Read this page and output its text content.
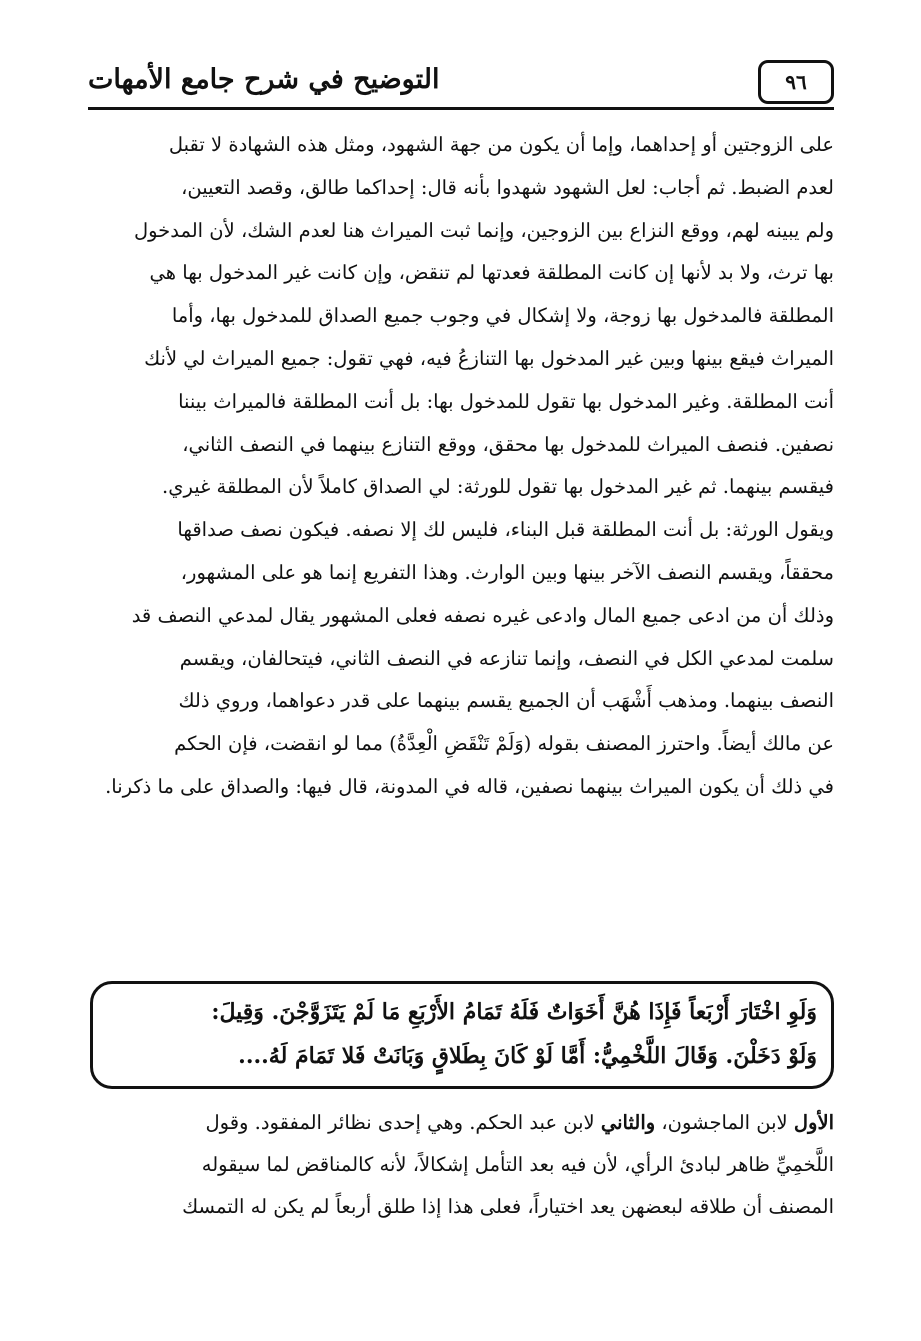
التوضيح في شرح جامع الأمهات	٩٦
على الزوجتين أو إحداهما، وإما أن يكون من جهة الشهود، ومثل هذه الشهادة لا تقبل
لعدم الضبط. ثم أجاب: لعل الشهود شهدوا بأنه قال: إحداكما طالق، وقصد التعيين،
ولم يبينه لهم، ووقع النزاع بين الزوجين، وإنما ثبت الميراث هنا لعدم الشك، لأن المدخول
بها ترث، ولا بد لأنها إن كانت المطلقة فعدتها لم تنقض، وإن كانت غير المدخول بها هي
المطلقة فالمدخول بها زوجة، ولا إشكال في وجوب جميع الصداق للمدخول بها، وأما
الميراث فيقع بينها وبين غير المدخول بها التنازعُ فيه، فهي تقول: جميع الميراث لي لأنك
أنت المطلقة. وغير المدخول بها تقول للمدخول بها: بل أنت المطلقة فالميراث بيننا
نصفين. فنصف الميراث للمدخول بها محقق، ووقع التنازع بينهما في النصف الثاني،
فيقسم بينهما. ثم غير المدخول بها تقول للورثة: لي الصداق كاملاً لأن المطلقة غيري.
ويقول الورثة: بل أنت المطلقة قبل البناء، فليس لك إلا نصفه. فيكون نصف صداقها
محققاً، ويقسم النصف الآخر بينها وبين الوارث. وهذا التفريع إنما هو على المشهور،
وذلك أن من ادعى جميع المال وادعى غيره نصفه فعلى المشهور يقال لمدعي النصف قد
سلمت لمدعي الكل في النصف، وإنما تنازعه في النصف الثاني، فيتحالفان، ويقسم
النصف بينهما. ومذهب أَشْهَب أن الجميع يقسم بينهما على قدر دعواهما، وروي ذلك
عن مالك أيضاً. واحترز المصنف بقوله (وَلَمْ تَنْقَضِ الْعِدَّةُ) مما لو انقضت، فإن الحكم
في ذلك أن يكون الميراث بينهما نصفين، قاله في المدونة، قال فيها: والصداق على ما ذكرنا.
وَلَوِ اخْتَارَ أَرْبَعاً فَإِذَا هُنَّ أَخَوَاتٌ فَلَهُ تَمَامُ الأَرْبَعِ مَا لَمْ يَتَزَوَّجْنَ. وَقِيلَ:
وَلَوْ دَخَلْنَ. وَقَالَ اللَّخْمِيُّ: أَمَّا لَوْ كَانَ بِطَلاقٍ وَبَانَتْ فَلا تَمَامَ لَهُ....
الأول لابن الماجشون، والثاني لابن عبد الحكم. وهي إحدى نظائر المفقود. وقول
اللَّخمِيِّ ظاهر لبادئ الرأي، لأن فيه بعد التأمل إشكالاً، لأنه كالمناقض لما سيقوله
المصنف أن طلاقه لبعضهن يعد اختياراً، فعلى هذا إذا طلق أربعاً لم يكن له التمسك
